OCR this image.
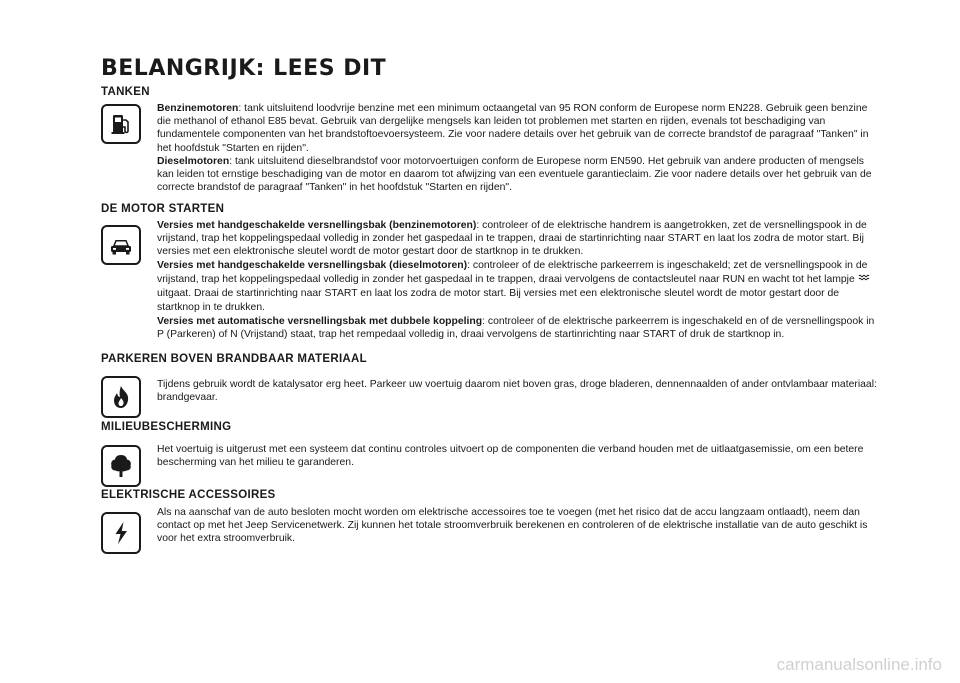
BELANGRIJK: LEES DIT
TANKEN

Benzinemotoren: tank uitsluitend loodvrije benzine met een minimum octaangetal van 95 RON conform de Europese norm EN228. Gebruik geen benzine die methanol of ethanol E85 bevat. Gebruik van dergelijke mengsels kan leiden tot problemen met starten en rijden, evenals tot beschadiging van fundamentele componenten van het brandstoftoevoersysteem. Zie voor nadere details over het gebruik van de correcte brandstof de paragraaf "Tanken" in het hoofdstuk "Starten en rijden".

Dieselmotoren: tank uitsluitend dieselbrandstof voor motorvoertuigen conform de Europese norm EN590. Het gebruik van andere producten of mengsels kan leiden tot ernstige beschadiging van de motor en daarom tot afwijzing van een eventuele garantieclaim. Zie voor nadere details over het gebruik van de correcte brandstof de paragraaf "Tanken" in het hoofdstuk "Starten en rijden".

DE MOTOR STARTEN

Versies met handgeschakelde versnellingsbak (benzinemotoren): controleer of de elektrische handrem is aangetrokken, zet de versnellingspook in de vrijstand, trap het koppelingspedaal volledig in zonder het gaspedaal in te trappen, draai de startinrichting naar START en laat los zodra de motor start. Bij versies met een elektronische sleutel wordt de motor gestart door de startknop in te drukken.

Versies met handgeschakelde versnellingsbak (dieselmotoren): controleer of de elektrische parkeerrem is ingeschakeld; zet de versnellingspook in de vrijstand, trap het koppelingspedaal volledig in zonder het gaspedaal in te trappen, draai vervolgens de contactsleutel naar RUN en wacht tot het lampje  uitgaat. Draai de startinrichting naar START en laat los zodra de motor start. Bij versies met een elektronische sleutel wordt de motor gestart door de startknop in te drukken.

Versies met automatische versnellingsbak met dubbele koppeling: controleer of de elektrische parkeerrem is ingeschakeld en of de versnellingspook in P (Parkeren) of N (Vrijstand) staat, trap het rempedaal volledig in, draai vervolgens de startinrichting naar START of druk de startknop in.

PARKEREN BOVEN BRANDBAAR MATERIAAL

Tijdens gebruik wordt de katalysator erg heet. Parkeer uw voertuig daarom niet boven gras, droge bladeren, dennennaalden of ander ontvlambaar materiaal: brandgevaar.

MILIEUBESCHERMING

Het voertuig is uitgerust met een systeem dat continu controles uitvoert op de componenten die verband houden met de uitlaatgasemissie, om een betere bescherming van het milieu te garanderen.

ELEKTRISCHE ACCESSOIRES

Als na aanschaf van de auto besloten mocht worden om elektrische accessoires toe te voegen (met het risico dat de accu langzaam ontlaadt), neem dan contact op met het Jeep Servicenetwerk. Zij kunnen het totale stroomverbruik berekenen en controleren of de elektrische installatie van de auto geschikt is voor het extra stroomverbruik.

carmanualsonline.info
